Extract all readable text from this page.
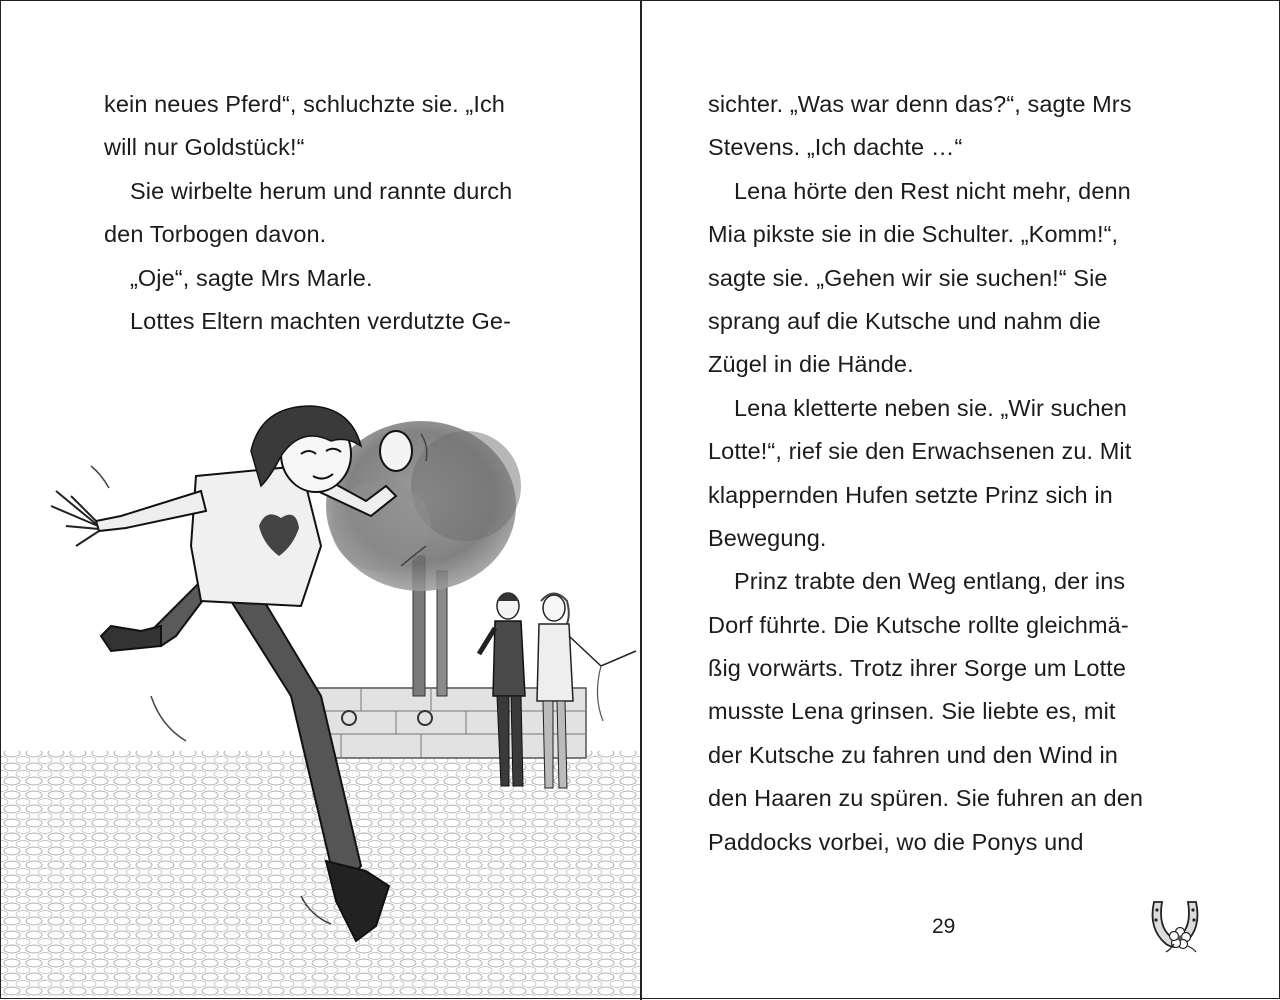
kein neues Pferd“, schluchzte sie. „Ich
will nur Goldstück!“
Sie wirbelte herum und rannte durch
den Torbogen davon.
„Oje“, sagte Mrs Marle.
Lottes Eltern machten verdutzte Ge-
sichter. „Was war denn das?“, sagte Mrs
Stevens. „Ich dachte …“
Lena hörte den Rest nicht mehr, denn
Mia pikste sie in die Schulter. „Komm!“,
sagte sie. „Gehen wir sie suchen!“ Sie
sprang auf die Kutsche und nahm die
Zügel in die Hände.
Lena kletterte neben sie. „Wir suchen
Lotte!“, rief sie den Erwachsenen zu. Mit
klappernden Hufen setzte Prinz sich in
Bewegung.
Prinz trabte den Weg entlang, der ins
Dorf führte. Die Kutsche rollte gleichmä-
ßig vorwärts. Trotz ihrer Sorge um Lotte
musste Lena grinsen. Sie liebte es, mit
der Kutsche zu fahren und den Wind in
den Haaren zu spüren. Sie fuhren an den
Paddocks vorbei, wo die Ponys und
29
